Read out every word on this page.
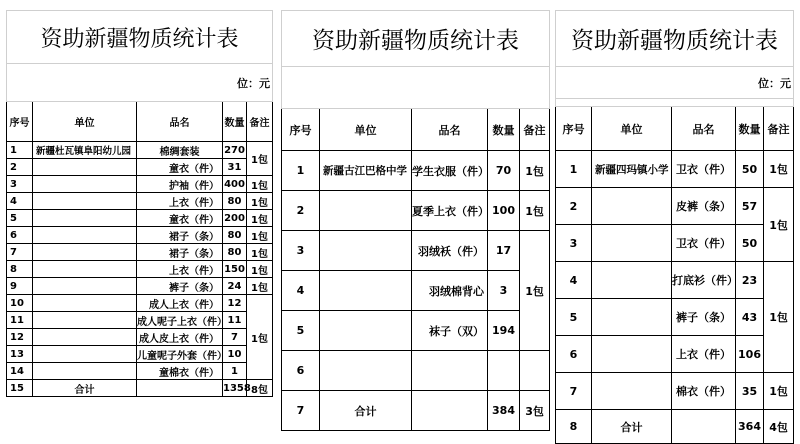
资助新疆物质统计表				
位：元				
序号	单位	品名	数量	备注
1	新疆杜瓦镇阜阳幼儿园	棉绸套装	270	1包
2		童衣（件）	31	
3		护袖（件）	400	1包
4		上衣（件）	80	1包
5		童衣（件）	200	1包
6		裙子（条）	80	1包
7		裙子（条）	80	1包
8		上衣（件）	150	1包
9		裤子（条）	24	1包
10		成人上衣（件）	12	1包
11		成人呢子上衣（件）	11	
12		成人皮上衣（件）	7	
13		儿童呢子外套（件）	10	
14		童棉衣（件）	1	
15	合计		1358	8包
资助新疆物质统计表				

序号	单位	品名	数量	备注
1	新疆古江巴格中学	学生衣服（件）	70	1包
2		夏季上衣（件）	100	1包
3		羽绒袄（件）	17	1包
4		羽绒棉背心	3	
5		袜子（双）	194	
6				
7	合计		384	3包
资助新疆物质统计表				
位：元				

序号	单位	品名	数量	备注
1	新疆四玛镇小学	卫衣（件）	50	1包
2		皮裤（条）	57	1包
3		卫衣（件）	50	
4		打底衫（件）	23	1包
5		裤子（条）	43	
6		上衣（件）	106	
7		棉衣（件）	35	1包
8	合计		364	4包
